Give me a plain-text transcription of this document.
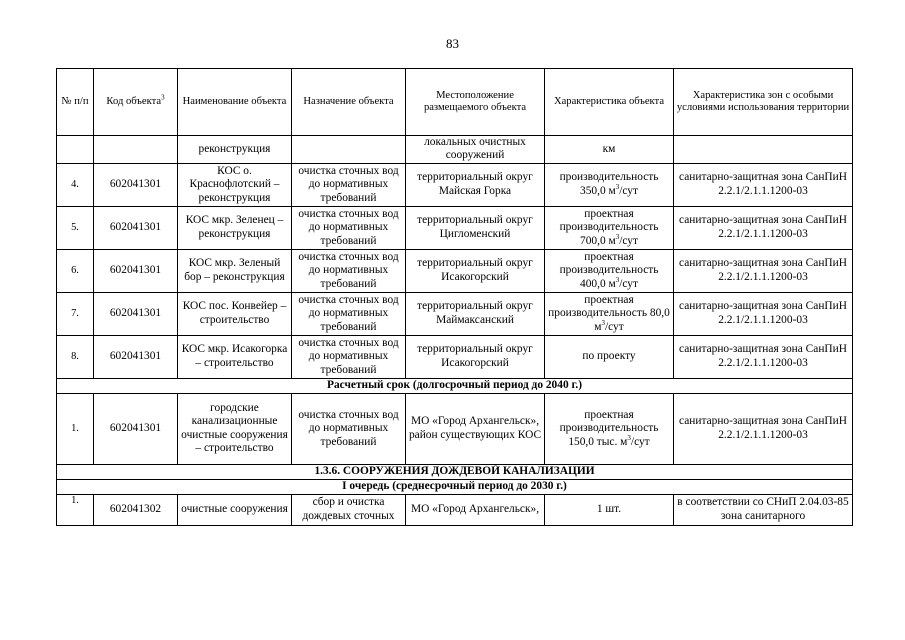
83
№ п/п	Код объекта$^3$	Наименование объекта	Назначение объекта	Местоположение размещаемого объекта	Характеристика объекта	Характеристика зон с особыми условиями использования территории
		реконструкция		локальных очистных сооружений	км	
4.	602041301	КОС о. Краснофлотский – реконструкция	очистка сточных вод до нормативных требований	территориальный округ Майская Горка	производительность 350,0 $м^3$/сут	санитарно-защитная зона СанПиН 2.2.1/2.1.1.1200-03
5.	602041301	КОС мкр. Зеленец – реконструкция	очистка сточных вод до нормативных требований	территориальный округ Цигломенский	проектная производительность 700,0 $м^3$/сут	санитарно-защитная зона СанПиН 2.2.1/2.1.1.1200-03
6.	602041301	КОС мкр. Зеленый бор – реконструкция	очистка сточных вод до нормативных требований	территориальный округ Исакогорский	проектная производительность 400,0 $м^3$/сут	санитарно-защитная зона СанПиН 2.2.1/2.1.1.1200-03
7.	602041301	КОС пос. Конвейер – строительство	очистка сточных вод до нормативных требований	территориальный округ Маймаксанский	проектная производительность 80,0 $м^3$/сут	санитарно-защитная зона СанПиН 2.2.1/2.1.1.1200-03
8.	602041301	КОС мкр. Исакогорка – строительство	очистка сточных вод до нормативных требований	территориальный округ Исакогорский	по проекту	санитарно-защитная зона СанПиН 2.2.1/2.1.1.1200-03
Расчетный срок (долгосрочный период до 2040 г.)						
1.	602041301	городские канализационные очистные сооружения – строительство	очистка сточных вод до нормативных требований	МО «Город Архангельск», район существующих КОС	проектная производительность 150,0 тыс. $м^3$/сут	санитарно-защитная зона СанПиН 2.2.1/2.1.1.1200-03
1.3.6. СООРУЖЕНИЯ ДОЖДЕВОЙ КАНАЛИЗАЦИИ						
I очередь (среднесрочный период до 2030 г.)						
1.	602041302	очистные сооружения	сбор и очистка дождевых сточных	МО «Город Архангельск»,	1 шт.	в соответствии со СНиП 2.04.03-85 зона санитарного
